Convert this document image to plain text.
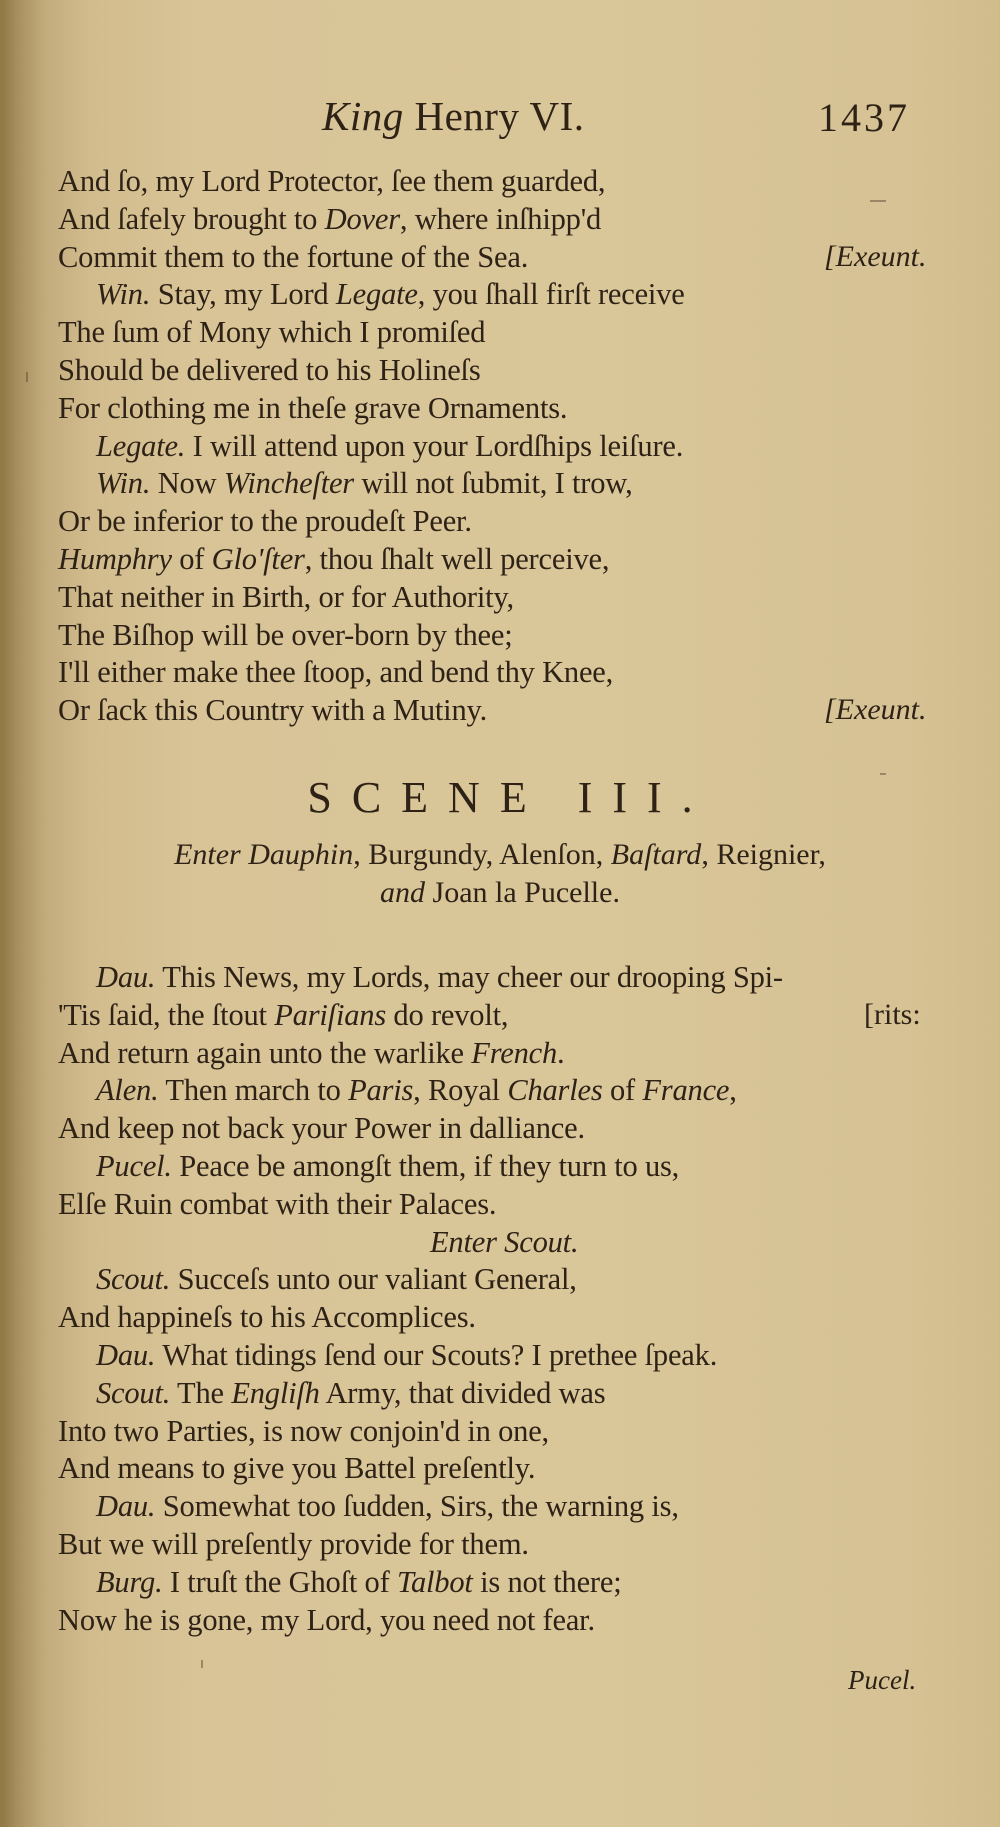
King Henry VI.	1437
And ſo, my Lord Protector, ſee them guarded,
And ſafely brought to Dover, where inſhipp'd
Commit them to the fortune of the Sea.	[Exeunt.
Win. Stay, my Lord Legate, you ſhall firſt receive
The ſum of Mony which I promiſed
Should be delivered to his Holineſs
For clothing me in theſe grave Ornaments.
Legate. I will attend upon your Lordſhips leiſure.
Win. Now Wincheſter will not ſubmit, I trow,
Or be inferior to the proudeſt Peer.
Humphry of Glo'ſter, thou ſhalt well perceive,
That neither in Birth, or for Authority,
The Biſhop will be over-born by thee;
I'll either make thee ſtoop, and bend thy Knee,
Or ſack this Country with a Mutiny.	[Exeunt.
SCENE III.
Enter Dauphin, Burgundy, Alenſon, Baſtard, Reignier,
and Joan la Pucelle.
Dau. This News, my Lords, may cheer our drooping Spi-
'Tis ſaid, the ſtout Pariſians do revolt,	[rits:
And return again unto the warlike French.
Alen. Then march to Paris, Royal Charles of France,
And keep not back your Power in dalliance.
Pucel. Peace be amongſt them, if they turn to us,
Elſe Ruin combat with their Palaces.
Enter Scout.
Scout. Succeſs unto our valiant General,
And happineſs to his Accomplices.
Dau. What tidings ſend our Scouts? I prethee ſpeak.
Scout. The Engliſh Army, that divided was
Into two Parties, is now conjoin'd in one,
And means to give you Battel preſently.
Dau. Somewhat too ſudden, Sirs, the warning is,
But we will preſently provide for them.
Burg. I truſt the Ghoſt of Talbot is not there;
Now he is gone, my Lord, you need not fear.
Pucel.
